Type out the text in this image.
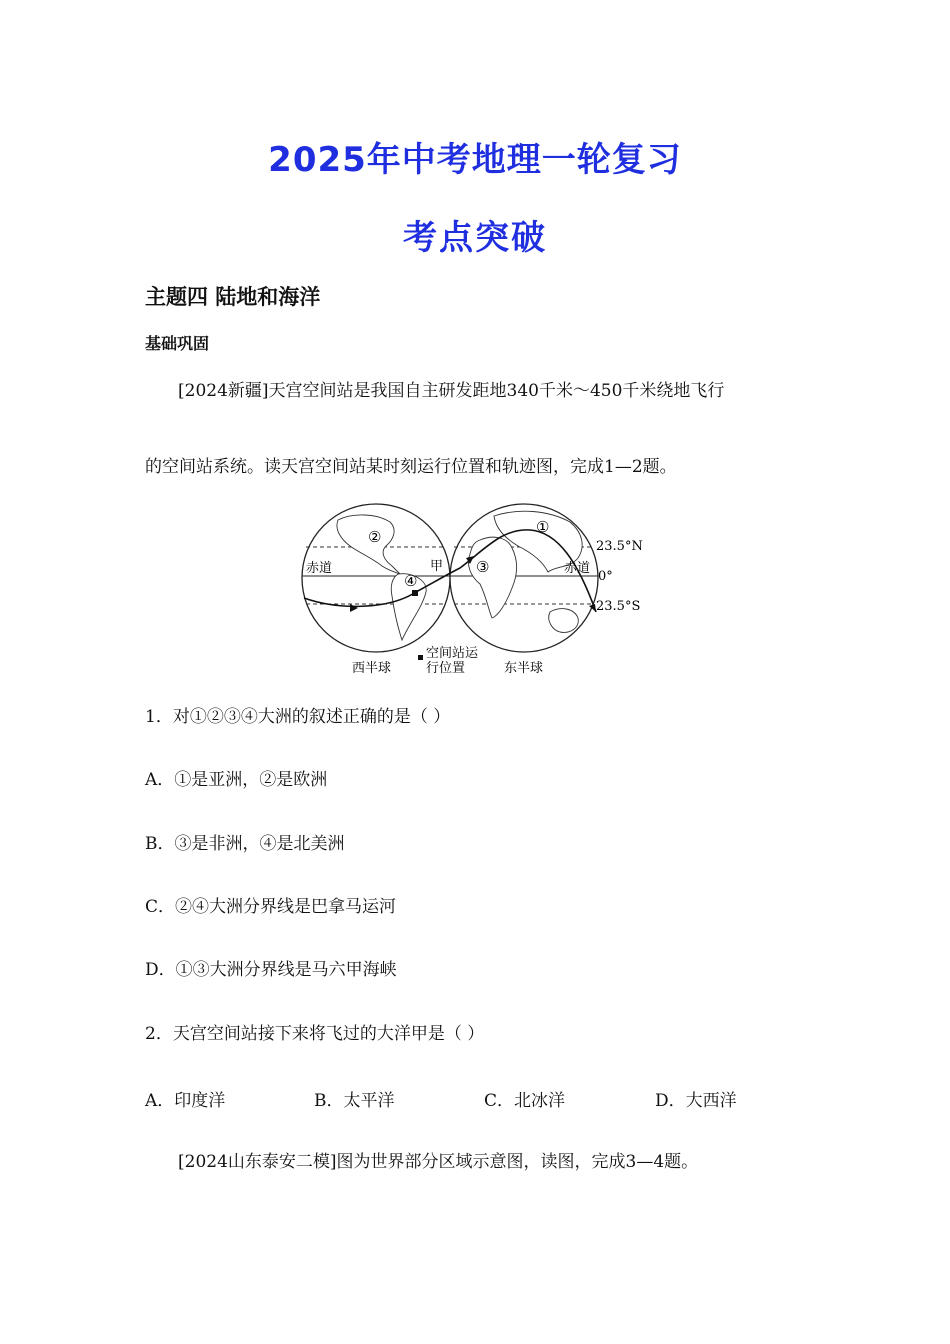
2025年中考地理一轮复习
考点突破
主题四 陆地和海洋
基础巩固
[2024新疆]天宫空间站是我国自主研发距地340千米～450千米绕地飞行
的空间站系统。读天宫空间站某时刻运行位置和轨迹图，完成1—2题。
赤道	赤道
甲
①
②
③
④
23.5°N
0°
23.5°S
西半球	东半球
空间站运
行位置
1．对①②③④大洲的叙述正确的是（ ）
A．①是亚洲，②是欧洲
B．③是非洲，④是北美洲
C．②④大洲分界线是巴拿马运河
D．①③大洲分界线是马六甲海峡
2．天宫空间站接下来将飞过的大洋甲是（ ）
A．印度洋	B．太平洋	C．北冰洋	D．大西洋
[2024山东泰安二模]图为世界部分区域示意图，读图，完成3—4题。
